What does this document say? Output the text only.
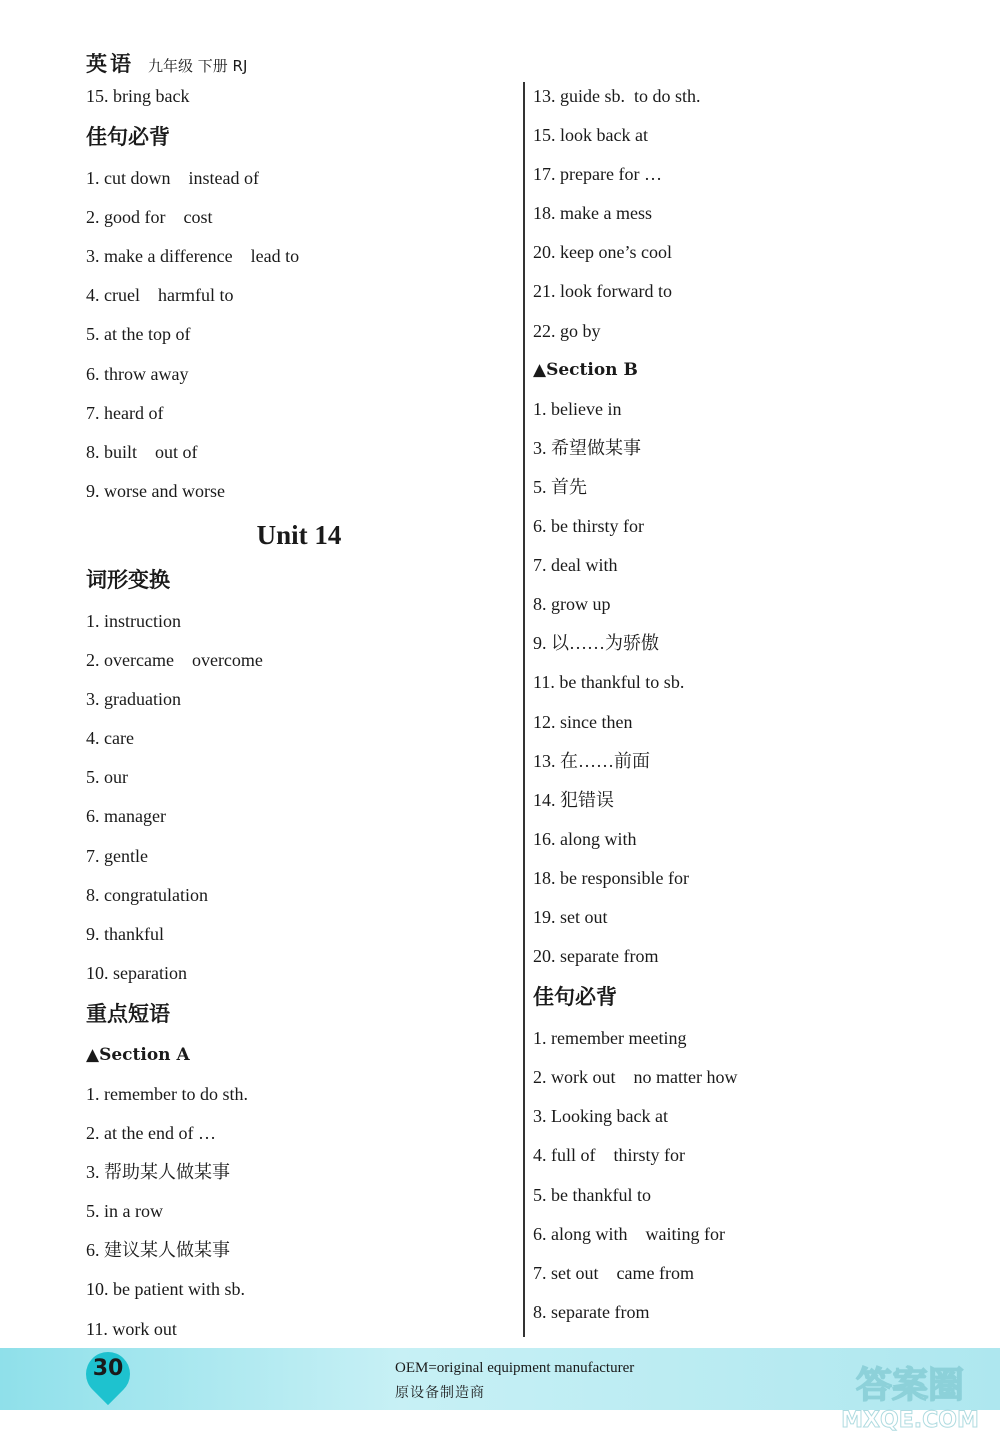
英语 九年级 下册 RJ
15. bring back
佳句必背
1. cut down    instead of
2. good for    cost
3. make a difference    lead to
4. cruel    harmful to
5. at the top of
6. throw away
7. heard of
8. built    out of
9. worse and worse
Unit 14
词形变换
1. instruction
2. overcame    overcome
3. graduation
4. care
5. our
6. manager
7. gentle
8. congratulation
9. thankful
10. separation
重点短语
▲Section A
1. remember to do sth.
2. at the end of …
3. 帮助某人做某事
5. in a row
6. 建议某人做某事
10. be patient with sb.
11. work out
13. guide sb.  to do sth.
15. look back at
17. prepare for …
18. make a mess
20. keep one’s cool
21. look forward to
22. go by
▲Section B
1. believe in
3. 希望做某事
5. 首先
6. be thirsty for
7. deal with
8. grow up
9. 以……为骄傲
11. be thankful to sb.
12. since then
13. 在……前面
14. 犯错误
16. along with
18. be responsible for
19. set out
20. separate from
佳句必背
1. remember meeting
2. work out    no matter how
3. Looking back at
4. full of    thirsty for
5. be thankful to
6. along with    waiting for
7. set out    came from
8. separate from
30	OEM=original equipment manufacturer
原设备制造商	答案圈
MXQE.COM
